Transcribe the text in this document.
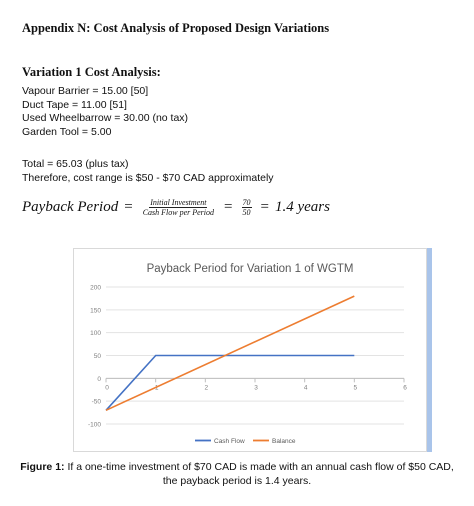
Appendix N: Cost Analysis of Proposed Design Variations
Variation 1 Cost Analysis:
Vapour Barrier = 15.00 [50]
Duct Tape = 11.00 [51]
Used Wheelbarrow = 30.00 (no tax)
Garden Tool = 5.00
Total = 65.03 (plus tax)
Therefore, cost range is $50 - $70 CAD approximately
Payback Period = $\frac{\text{Initial Investment}}{\text{Cash Flow per Period}} = \frac{70}{50} = 1.4$ years
Payback Period for Variation 1 of WGTM
200
150
100
50
0
-50
-100
0	1	2	3	4	5	6
Cash Flow	Balance
Figure 1: If a one-time investment of $70 CAD is made with an annual cash flow of $50 CAD,
the payback period is 1.4 years.
